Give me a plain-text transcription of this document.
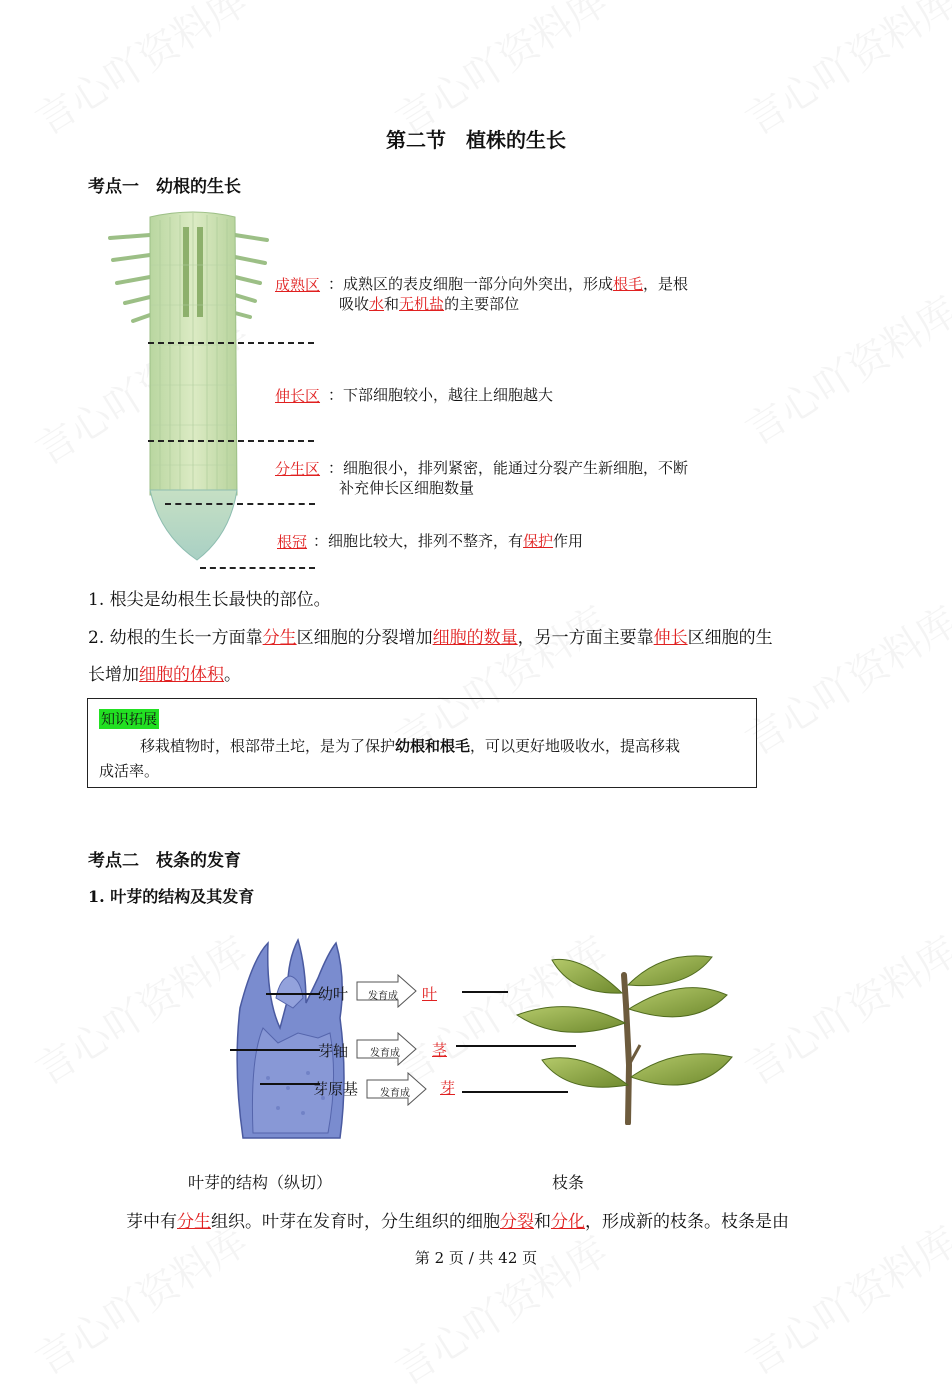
第二节　植株的生长
考点一　幼根的生长
成熟区 ：成熟区的表皮细胞一部分向外突出，形成根毛，是根
吸收水和无机盐的主要部位
伸长区 ：下部细胞较小，越往上细胞越大
分生区 ：细胞很小，排列紧密，能通过分裂产生新细胞，不断
补充伸长区细胞数量
根冠 ：细胞比较大，排列不整齐，有保护作用
1. 根尖是幼根生长最快的部位。
2. 幼根的生长一方面靠分生区细胞的分裂增加细胞的数量，另一方面主要靠伸长区细胞的生
长增加细胞的体积。
知识拓展
移栽植物时，根部带土坨，是为了保护幼根和根毛，可以更好地吸收水，提高移栽
成活率。
考点二　枝条的发育
1. 叶芽的结构及其发育
幼叶
芽轴
芽原基
发育成
发育成
发育成
叶
茎
芽
叶芽的结构（纵切）	枝条
芽中有分生组织。叶芽在发育时，分生组织的细胞分裂和分化，形成新的枝条。枝条是由
第 2 页 / 共 42 页
